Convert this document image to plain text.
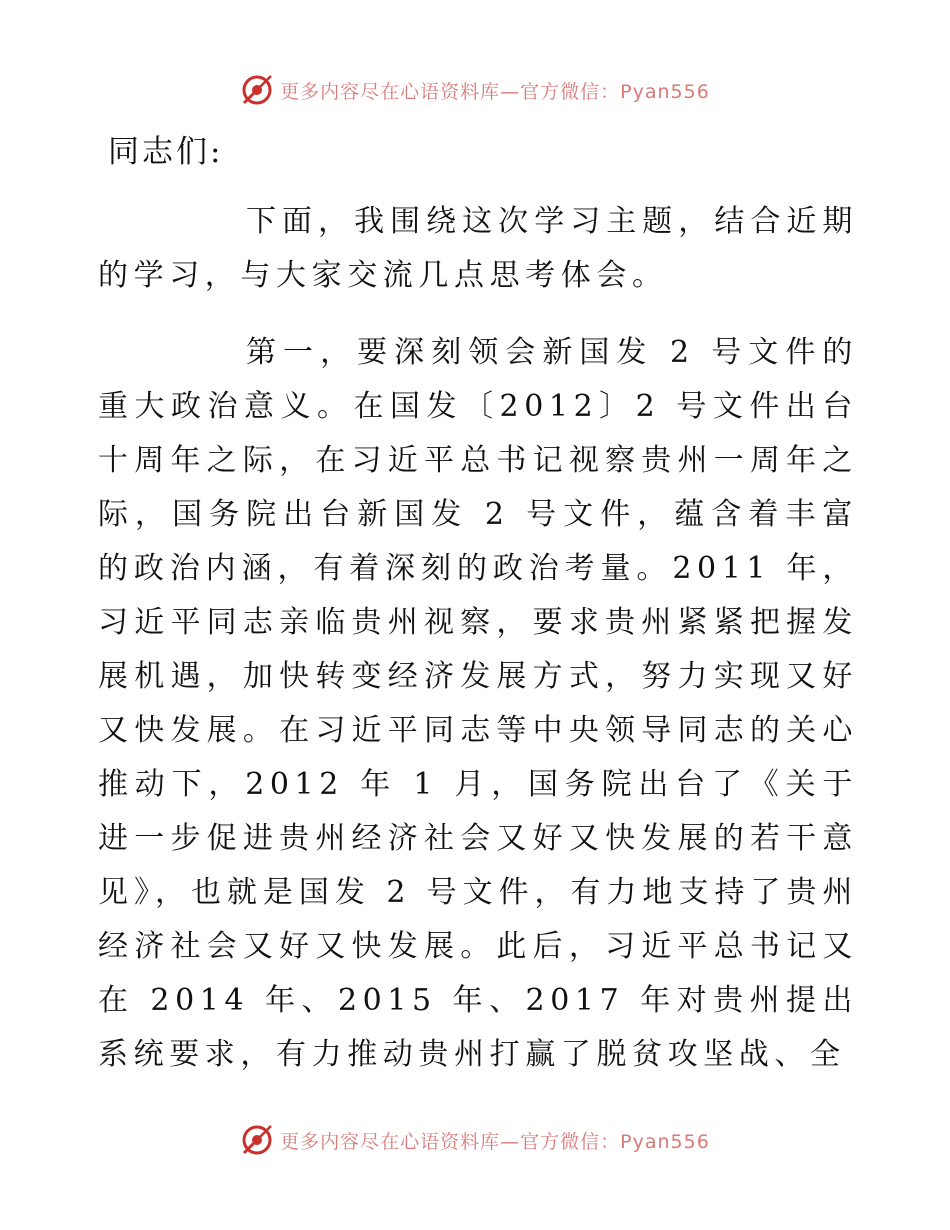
更多内容尽在心语资料库—官方微信：Pyan556
同志们:

下面，我围绕这次学习主题，结合近期的学习，与大家交流几点思考体会。

第一，要深刻领会新国发 2 号文件的重大政治意义。在国发〔2012〕2 号文件出台十周年之际，在习近平总书记视察贵州一周年之际，国务院出台新国发 2 号文件，蕴含着丰富的政治内涵，有着深刻的政治考量。2011 年，习近平同志亲临贵州视察，要求贵州紧紧把握发展机遇，加快转变经济发展方式，努力实现又好又快发展。在习近平同志等中央领导同志的关心推动下，2012 年 1 月，国务院出台了《关于进一步促进贵州经济社会又好又快发展的若干意见》，也就是国发 2 号文件，有力地支持了贵州经济社会又好又快发展。此后，习近平总书记又在 2014 年、2015 年、2017 年对贵州提出系统要求，有力推动贵州打赢了脱贫攻坚战、全

更多内容尽在心语资料库—官方微信：Pyan556
